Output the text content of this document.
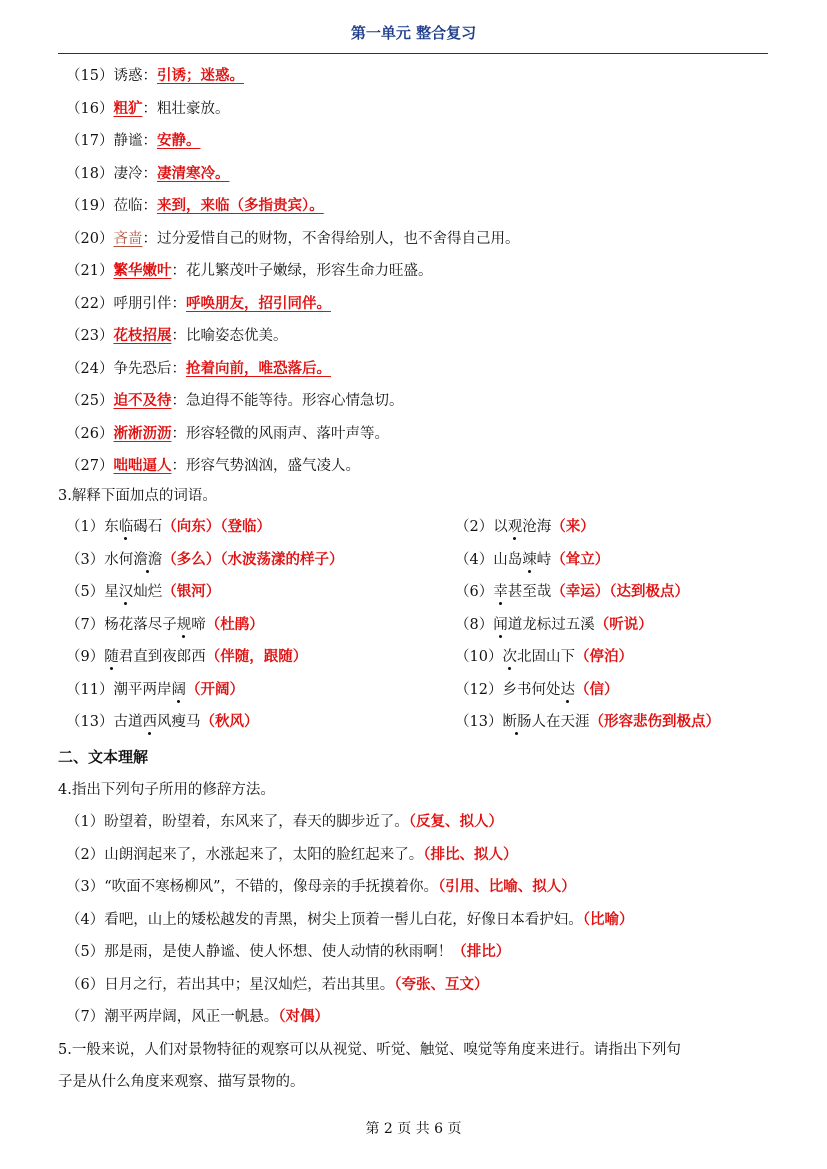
第一单元 整合复习
（15）诱惑：引诱；迷惑。
（16）粗犷：粗壮豪放。
（17）静谧：安静。
（18）凄冷：凄清寒冷。
（19）莅临：来到，来临（多指贵宾）。
（20）吝啬：过分爱惜自己的财物，不舍得给别人，也不舍得自己用。
（21）繁华嫩叶：花儿繁茂叶子嫩绿，形容生命力旺盛。
（22）呼朋引伴：呼唤朋友，招引同伴。
（23）花枝招展：比喻姿态优美。
（24）争先恐后：抢着向前，唯恐落后。
（25）迫不及待：急迫得不能等待。形容心情急切。
（26）淅淅沥沥：形容轻微的风雨声、落叶声等。
（27）咄咄逼人：形容气势汹汹，盛气凌人。
3.解释下面加点的词语。
（1）东临碣石（向东）（登临）
（3）水何澹澹（多么）（水波荡漾的样子）
（5）星汉灿烂（银河）
（7）杨花落尽子规啼（杜鹃）
（9）随君直到夜郎西（伴随，跟随）
（11）潮平两岸阔（开阔）
（13）古道西风瘦马（秋风）
（2）以观沧海（来）
（4）山岛竦峙（耸立）
（6）幸甚至哉（幸运）（达到极点）
（8）闻道龙标过五溪（听说）
（10）次北固山下（停泊）
（12）乡书何处达（信）
（13）断肠人在天涯（形容悲伤到极点）
二、文本理解
4.指出下列句子所用的修辞方法。
（1）盼望着，盼望着，东风来了，春天的脚步近了。（反复、拟人）
（2）山朗润起来了，水涨起来了，太阳的脸红起来了。（排比、拟人）
（3）“吹面不寒杨柳风”，不错的，像母亲的手抚摸着你。（引用、比喻、拟人）
（4）看吧，山上的矮松越发的青黑，树尖上顶着一髻儿白花，好像日本看护妇。（比喻）
（5）那是雨，是使人静谧、使人怀想、使人动情的秋雨啊！（排比）
（6）日月之行，若出其中；星汉灿烂，若出其里。（夸张、互文）
（7）潮平两岸阔，风正一帆悬。（对偶）
5.一般来说，人们对景物特征的观察可以从视觉、听觉、触觉、嗅觉等角度来进行。请指出下列句
子是从什么角度来观察、描写景物的。
第 2 页 共 6 页
